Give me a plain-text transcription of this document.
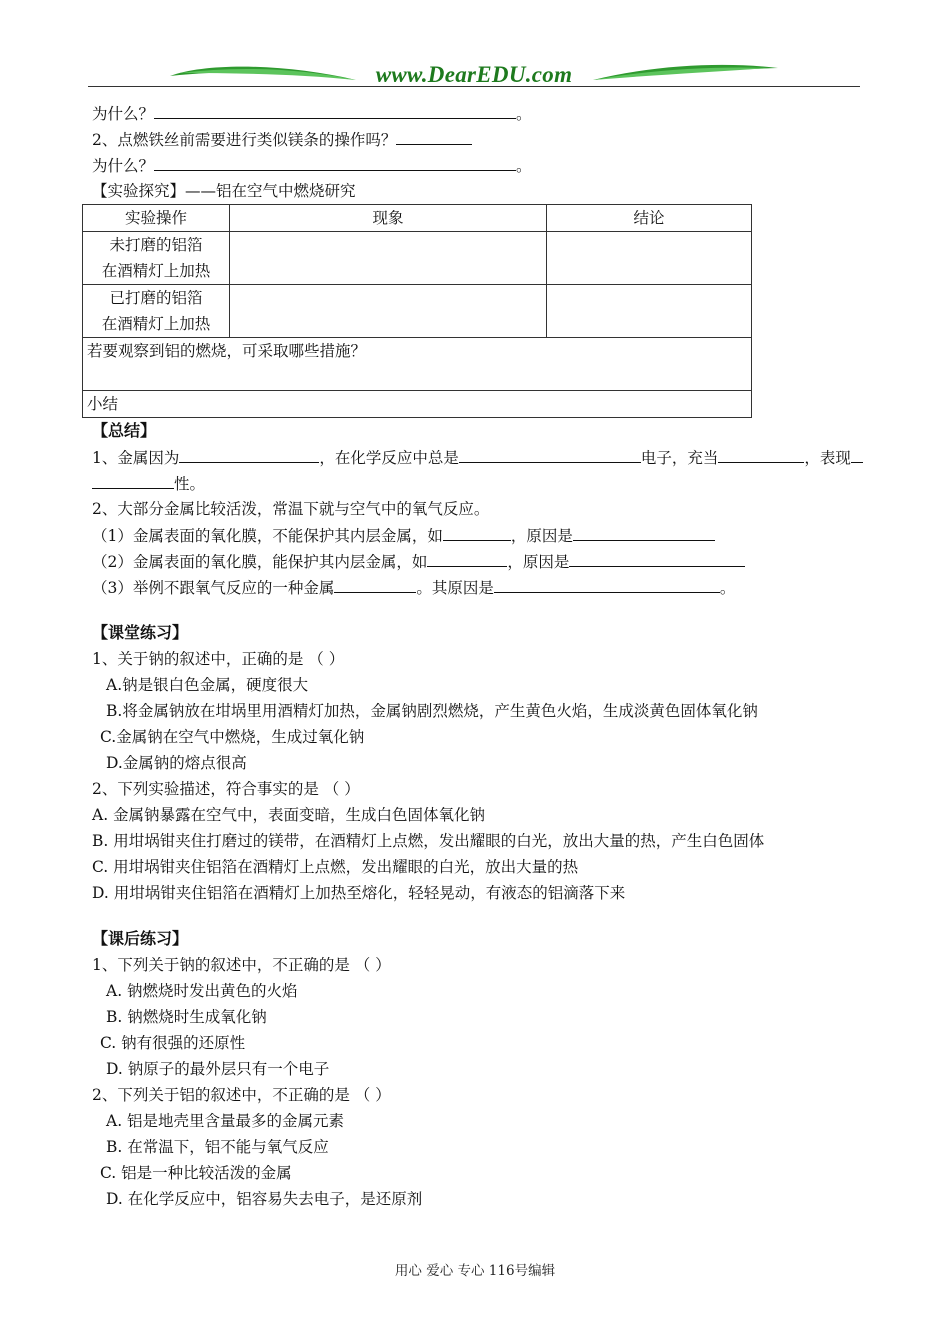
www.DearEDU.com
为什么？	。
2、点燃铁丝前需要进行类似镁条的操作吗？
为什么？	。
【实验探究】——铝在空气中燃烧研究
实验操作	现象	结论

未打磨的铝箔
在酒精灯上加热		

已打磨的铝箔
在酒精灯上加热		

若要观察到铝的燃烧，可采取哪些措施？		
小结		
【总结】
1、金属因为	，在化学反应中总是	电子，充当	，表现
性。
2、大部分金属比较活泼，常温下就与空气中的氧气反应。
（1）金属表面的氧化膜，不能保护其内层金属，如	，原因是
（2）金属表面的氧化膜，能保护其内层金属，如	，原因是
（3）举例不跟氧气反应的一种金属	。其原因是	。
【课堂练习】
1、关于钠的叙述中，正确的是 （ ）
A.钠是银白色金属，硬度很大
B.将金属钠放在坩埚里用酒精灯加热，金属钠剧烈燃烧，产生黄色火焰，生成淡黄色固体氧化钠
C.金属钠在空气中燃烧，生成过氧化钠
D.金属钠的熔点很高
2、下列实验描述，符合事实的是 （ ）
A. 金属钠暴露在空气中，表面变暗，生成白色固体氧化钠
B. 用坩埚钳夹住打磨过的镁带，在酒精灯上点燃，发出耀眼的白光，放出大量的热，产生白色固体
C. 用坩埚钳夹住铝箔在酒精灯上点燃，发出耀眼的白光，放出大量的热
D. 用坩埚钳夹住铝箔在酒精灯上加热至熔化，轻轻晃动，有液态的铝滴落下来
【课后练习】
1、下列关于钠的叙述中，不正确的是 （ ）
A. 钠燃烧时发出黄色的火焰
B. 钠燃烧时生成氧化钠
C. 钠有很强的还原性
D. 钠原子的最外层只有一个电子
2、下列关于铝的叙述中，不正确的是 （ ）
A. 铝是地壳里含量最多的金属元素
B. 在常温下，铝不能与氧气反应
C. 铝是一种比较活泼的金属
D. 在化学反应中，铝容易失去电子，是还原剂
用心 爱心 专心 116号编辑
